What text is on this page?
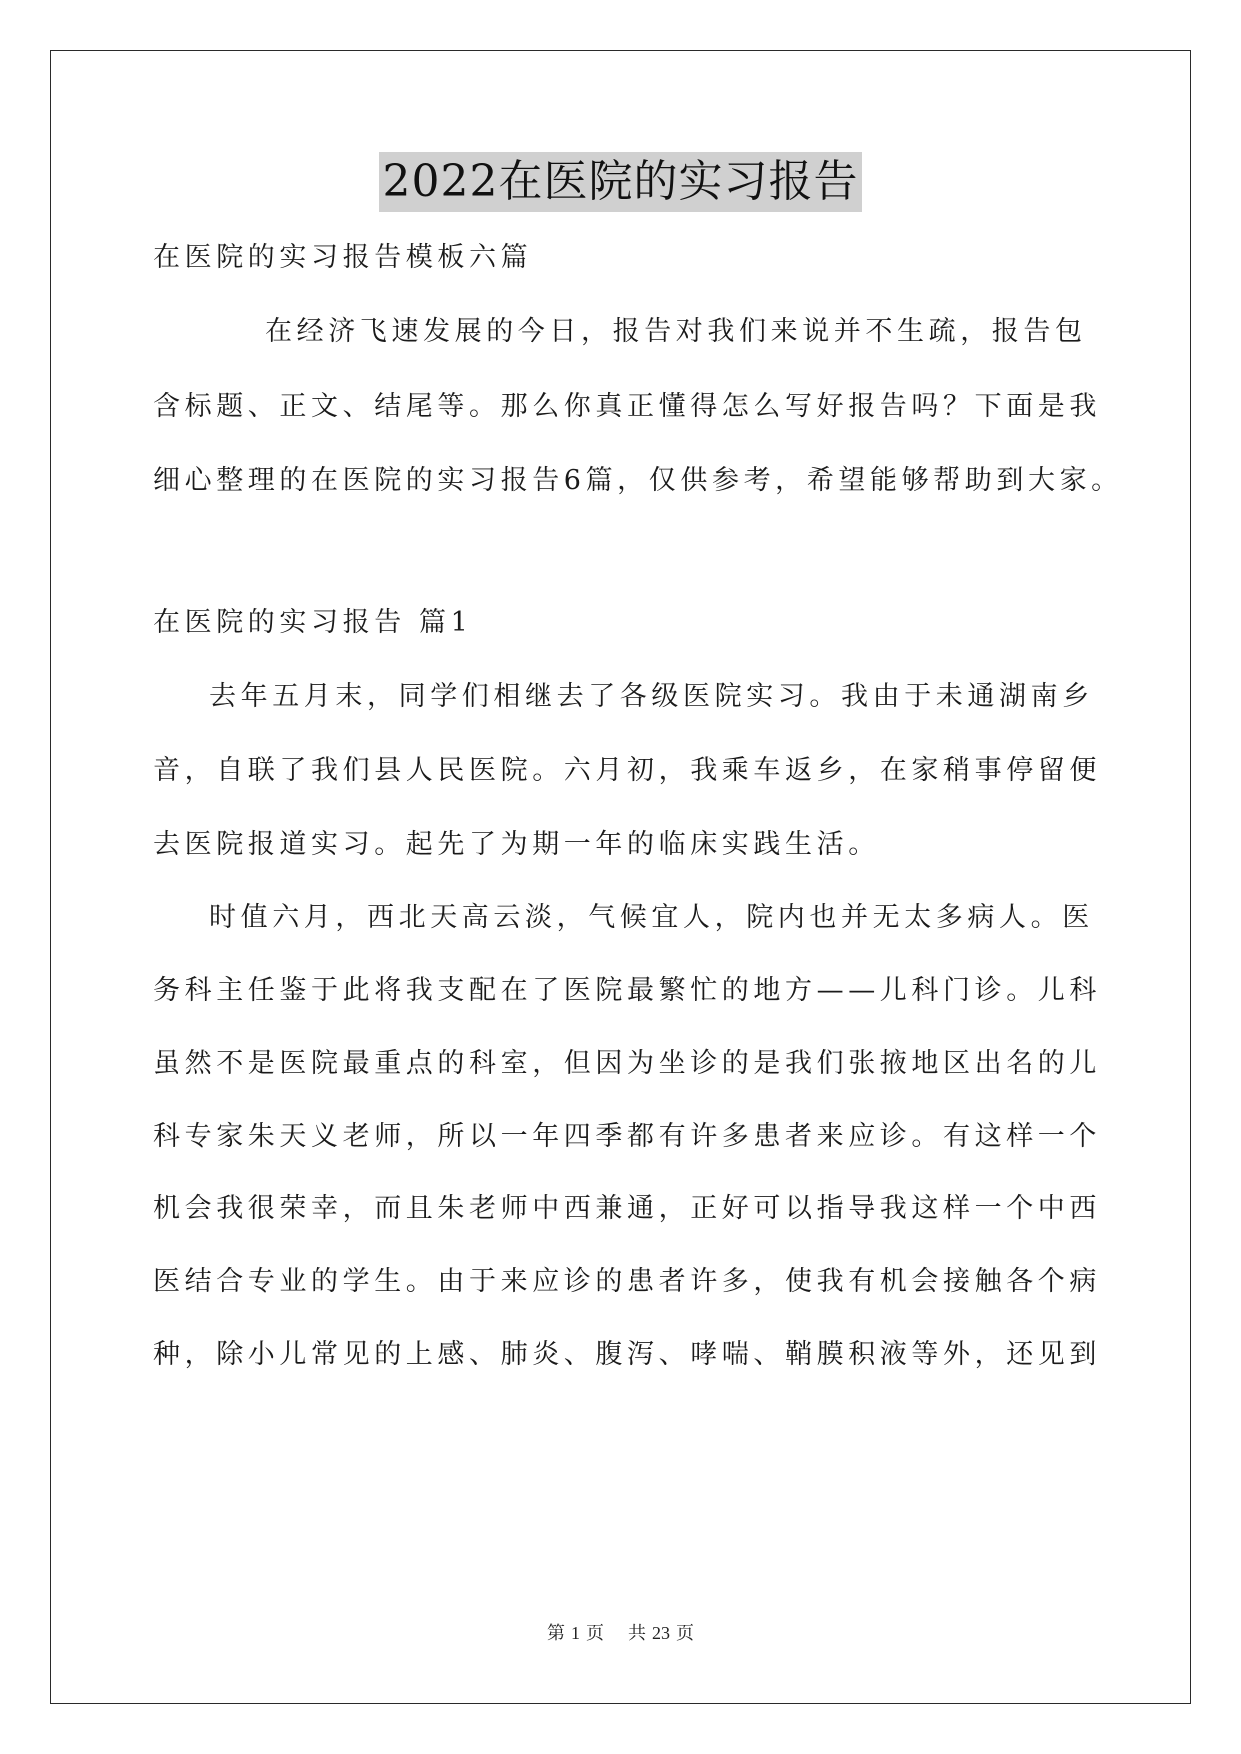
2022在医院的实习报告
在医院的实习报告模板六篇
在经济飞速发展的今日，报告对我们来说并不生疏，报告包
含标题、正文、结尾等。那么你真正懂得怎么写好报告吗？下面是我
细心整理的在医院的实习报告6篇，仅供参考，希望能够帮助到大家。
在医院的实习报告 篇1
去年五月末，同学们相继去了各级医院实习。我由于未通湖南乡
音，自联了我们县人民医院。六月初，我乘车返乡，在家稍事停留便
去医院报道实习。起先了为期一年的临床实践生活。
时值六月，西北天高云淡，气候宜人，院内也并无太多病人。医
务科主任鉴于此将我支配在了医院最繁忙的地方——儿科门诊。儿科
虽然不是医院最重点的科室，但因为坐诊的是我们张掖地区出名的儿
科专家朱天义老师，所以一年四季都有许多患者来应诊。有这样一个
机会我很荣幸，而且朱老师中西兼通，正好可以指导我这样一个中西
医结合专业的学生。由于来应诊的患者许多，使我有机会接触各个病
种，除小儿常见的上感、肺炎、腹泻、哮喘、鞘膜积液等外，还见到
第 1 页 共 23 页
